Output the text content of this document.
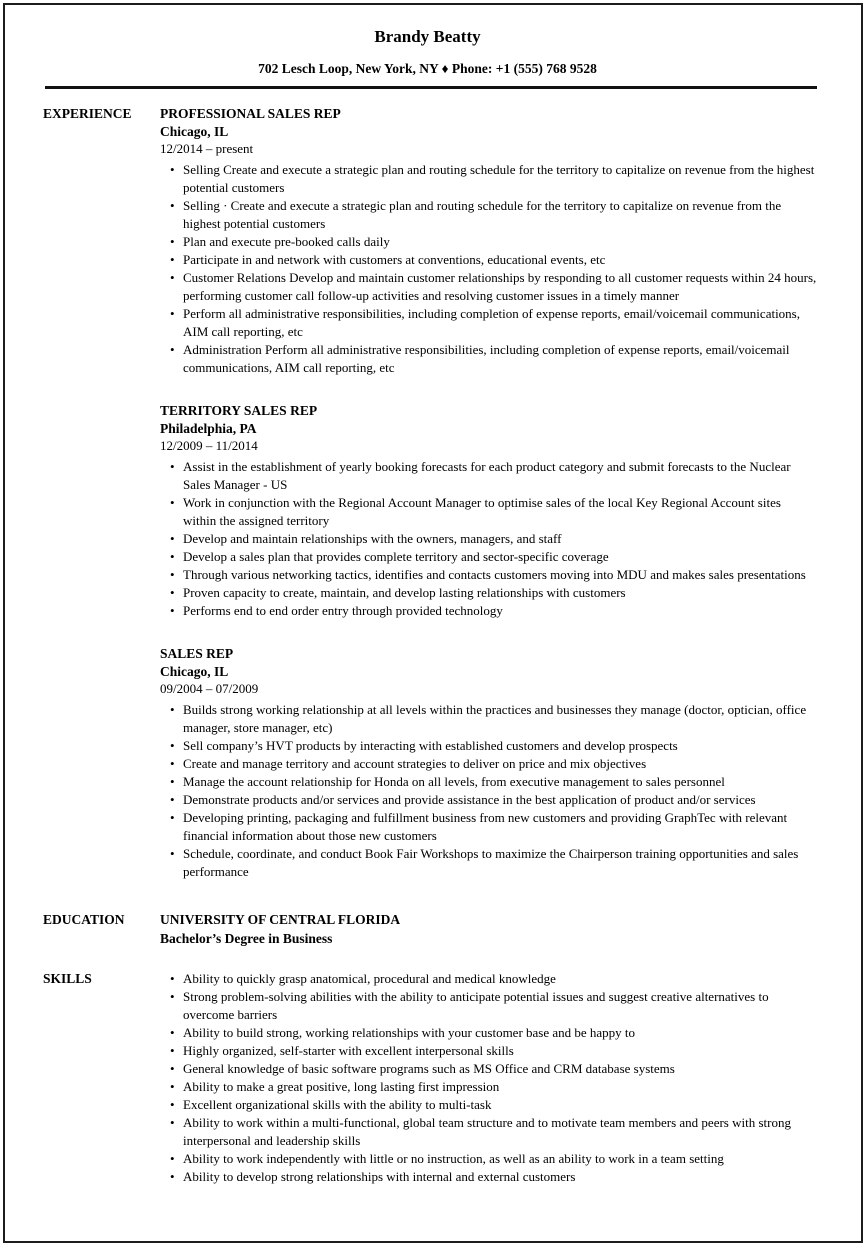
Brandy Beatty
702 Lesch Loop, New York, NY ♦ Phone: +1 (555) 768 9528
EXPERIENCE	PROFESSIONAL SALES REP
Chicago, IL
12/2014 – present
• Selling Create and execute a strategic plan and routing schedule for the territory to capitalize on revenue from the highest potential customers
• Selling · Create and execute a strategic plan and routing schedule for the territory to capitalize on revenue from the highest potential customers
• Plan and execute pre-booked calls daily
• Participate in and network with customers at conventions, educational events, etc
• Customer Relations Develop and maintain customer relationships by responding to all customer requests within 24 hours, performing customer call follow-up activities and resolving customer issues in a timely manner
• Perform all administrative responsibilities, including completion of expense reports, email/voicemail communications, AIM call reporting, etc
• Administration Perform all administrative responsibilities, including completion of expense reports, email/voicemail communications, AIM call reporting, etc
TERRITORY SALES REP
Philadelphia, PA
12/2009 – 11/2014
• Assist in the establishment of yearly booking forecasts for each product category and submit forecasts to the Nuclear Sales Manager - US
• Work in conjunction with the Regional Account Manager to optimise sales of the local Key Regional Account sites within the assigned territory
• Develop and maintain relationships with the owners, managers, and staff
• Develop a sales plan that provides complete territory and sector-specific coverage
• Through various networking tactics, identifies and contacts customers moving into MDU and makes sales presentations
• Proven capacity to create, maintain, and develop lasting relationships with customers
• Performs end to end order entry through provided technology
SALES REP
Chicago, IL
09/2004 – 07/2009
• Builds strong working relationship at all levels within the practices and businesses they manage (doctor, optician, office manager, store manager, etc)
• Sell company’s HVT products by interacting with established customers and develop prospects
• Create and manage territory and account strategies to deliver on price and mix objectives
• Manage the account relationship for Honda on all levels, from executive management to sales personnel
• Demonstrate products and/or services and provide assistance in the best application of product and/or services
• Developing printing, packaging and fulfillment business from new customers and providing GraphTec with relevant financial information about those new customers
• Schedule, coordinate, and conduct Book Fair Workshops to maximize the Chairperson training opportunities and sales performance
EDUCATION	UNIVERSITY OF CENTRAL FLORIDA
Bachelor’s Degree in Business
SKILLS	• Ability to quickly grasp anatomical, procedural and medical knowledge
• Strong problem-solving abilities with the ability to anticipate potential issues and suggest creative alternatives to overcome barriers
• Ability to build strong, working relationships with your customer base and be happy to
• Highly organized, self-starter with excellent interpersonal skills
• General knowledge of basic software programs such as MS Office and CRM database systems
• Ability to make a great positive, long lasting first impression
• Excellent organizational skills with the ability to multi-task
• Ability to work within a multi-functional, global team structure and to motivate team members and peers with strong interpersonal and leadership skills
• Ability to work independently with little or no instruction, as well as an ability to work in a team setting
• Ability to develop strong relationships with internal and external customers
